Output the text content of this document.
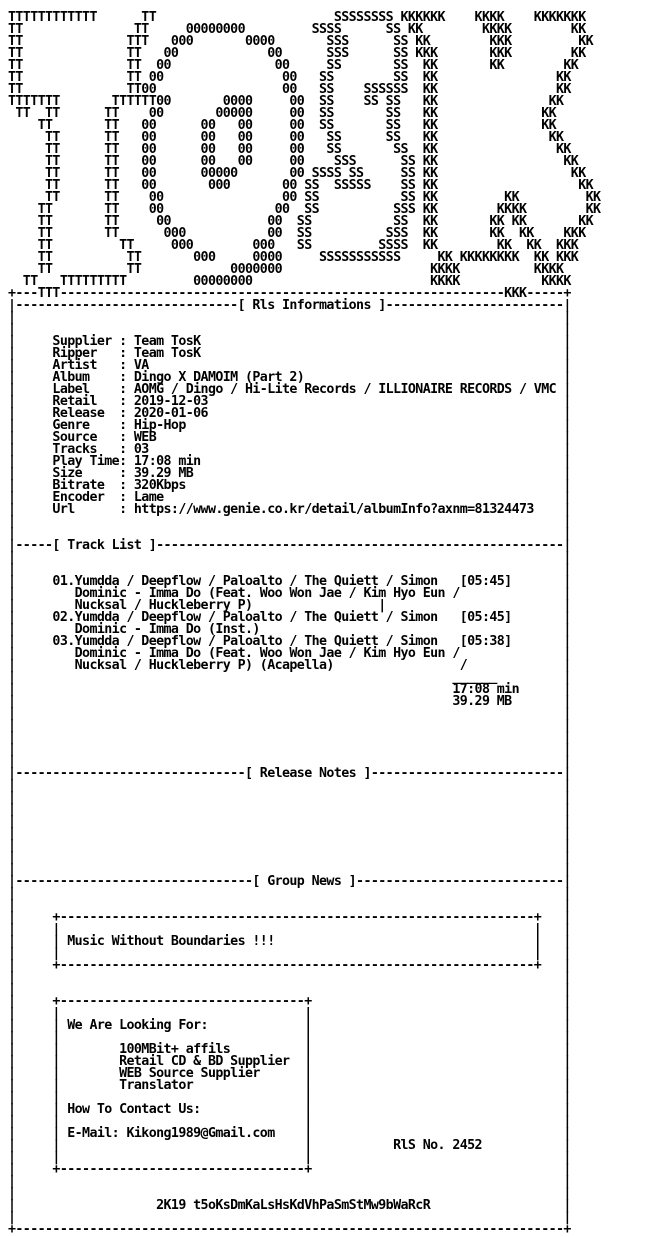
TTTTTTTTTTTT      TT                        SSSSSSSS KKKKKK    KKKK    KKKKKKK
TT               TT     00000000         SSSS      SS KK        KKKK        KK
TT              TTT   000       0000       SSS      SS KK        KKK         KK
TT              TT   00            00      SSS      SS KKK       KKK        KK
TT              TT  00              00     SS       SS  KK       KK        KK
TT              TT 00                00   SS        SS  KK                KK
TT              TT00                 00   SS    SSSSSS  KK                KK
TTTTTTT       TTTTTT00       0000     00  SS    SS SS   KK               KK
TT  TT      TT    00       00000     00  SS       SS   KK              KK
TT       TT   00      00   00     00  SS       SS   KK              KK
TT      TT   00      00   00     00   SS      SS   KK               KK
TT      TT   00      00   00     00   SS       SS  KK                KK
TT      TT   00      00   00     00    SSS      SS KK                 KK
TT      TT   00      00000       00 SSSS SS     SS KK                  KK
TT      TT   00       000       00 SS  SSSSS    SS KK                   KK
TT      TT    00                00 SS           SS KK         KK         KK
TT       TT    00               00  SS          SSS KK        KKKK        KK
TT       TT     00             00  SS           SS  KK       KK KK       KK
TT       TT      000           00  SS          SSS  KK       KK  KK    KKK
TT         TT     000        000   SS         SSSS  KK        KK  KK  KKK
TT          TT       000     0000     SSSSSSSSSSS     KK KKKKKKKK  KK KKK
TT          TT            0000000                    KKKK          KKKK
TT   TTTTTTTTT         00000000                        KKKK           KKKK
+---TTT------------------------------------------------------------KKK-----+
|------------------------------[ Rls Informations ]------------------------|
|                                                                          |
|                                                                          |
|     Supplier : Team TosK                                                 |
|     Ripper   : Team TosK                                                 |
|     Artist   : VA                                                        |
|     Album    : Dingo X DAMOIM (Part 2)                                   |
|     Label    : AOMG / Dingo / Hi-Lite Records / ILLIONAIRE RECORDS / VMC |
|     Retail   : 2019-12-03                                                |
|     Release  : 2020-01-06                                                |
|     Genre    : Hip-Hop                                                   |
|     Source   : WEB                                                       |
|     Tracks   : 03                                                        |
|     Play Time: 17:08 min                                                 |
|     Size     : 39.29 MB                                                  |
|     Bitrate  : 320Kbps                                                   |
|     Encoder  : Lame                                                      |
|     Url      : https://www.genie.co.kr/detail/albumInfo?axnm=81324473    |
|                                                                          |
|                                                                          |
|-----[ Track List ]-------------------------------------------------------|
|                                                                          |
|                                                                          |
|     01.Yumdda / Deepflow / Paloalto / The Quiett / Simon   [05:45]       |
|        Dominic - Imma Do (Feat. Woo Won Jae / Kim Hyo Eun /              |
|        Nucksal / Huckleberry P)                 |                        |
|     02.Yumdda / Deepflow / Paloalto / The Quiett / Simon   [05:45]       |
|        Dominic - Imma Do (Inst.)                                         |
|     03.Yumdda / Deepflow / Paloalto / The Quiett / Simon   [05:38]       |
|        Dominic - Imma Do (Feat. Woo Won Jae / Kim Hyo Eun /              |
|        Nucksal / Huckleberry P) (Acapella)                 /             |
|                                                           ______         |
|                                                           17:08 min      |
|                                                           39.29 MB       |
|                                                                          |
|                                                                          |
|                                                                          |
|                                                                          |
|                                                                          |
|-------------------------------[ Release Notes ]--------------------------|
|                                                                          |
|                                                                          |
|                                                                          |
|                                                                          |
|                                                                          |
|                                                                          |
|                                                                          |
|                                                                          |
|--------------------------------[ Group News ]----------------------------|
|                                                                          |
|                                                                          |
|     +----------------------------------------------------------------+   |
|     |                                                                |   |
|     | Music Without Boundaries !!!                                   |   |
|     |                                                                |   |
|     +----------------------------------------------------------------+   |
|                                                                          |
|                                                                          |
|     +---------------------------------+                                  |
|     |                                 |                                  |
|     | We Are Looking For:             |                                  |
|     |                                 |                                  |
|     |        100MBit+ affils          |                                  |
|     |        Retail CD & BD Supplier  |                                  |
|     |        WEB Source Supplier      |                                  |
|     |        Translator               |                                  |
|     |                                 |                                  |
|     | How To Contact Us:              |                                  |
|     |                                 |                                  |
|     | E-Mail: Kikong1989@Gmail.com    |                                  |
|     |                                 |           RlS No. 2452           |
|     |                                 |                                  |
|     +---------------------------------+                                  |
|                                                                          |
|                                                                          |
|                   2K19 t5oKsDmKaLsHsKdVhPaSmStMw9bWaRcR                  |
|                                                                          |
+--------------------------------------------------------------------------+
